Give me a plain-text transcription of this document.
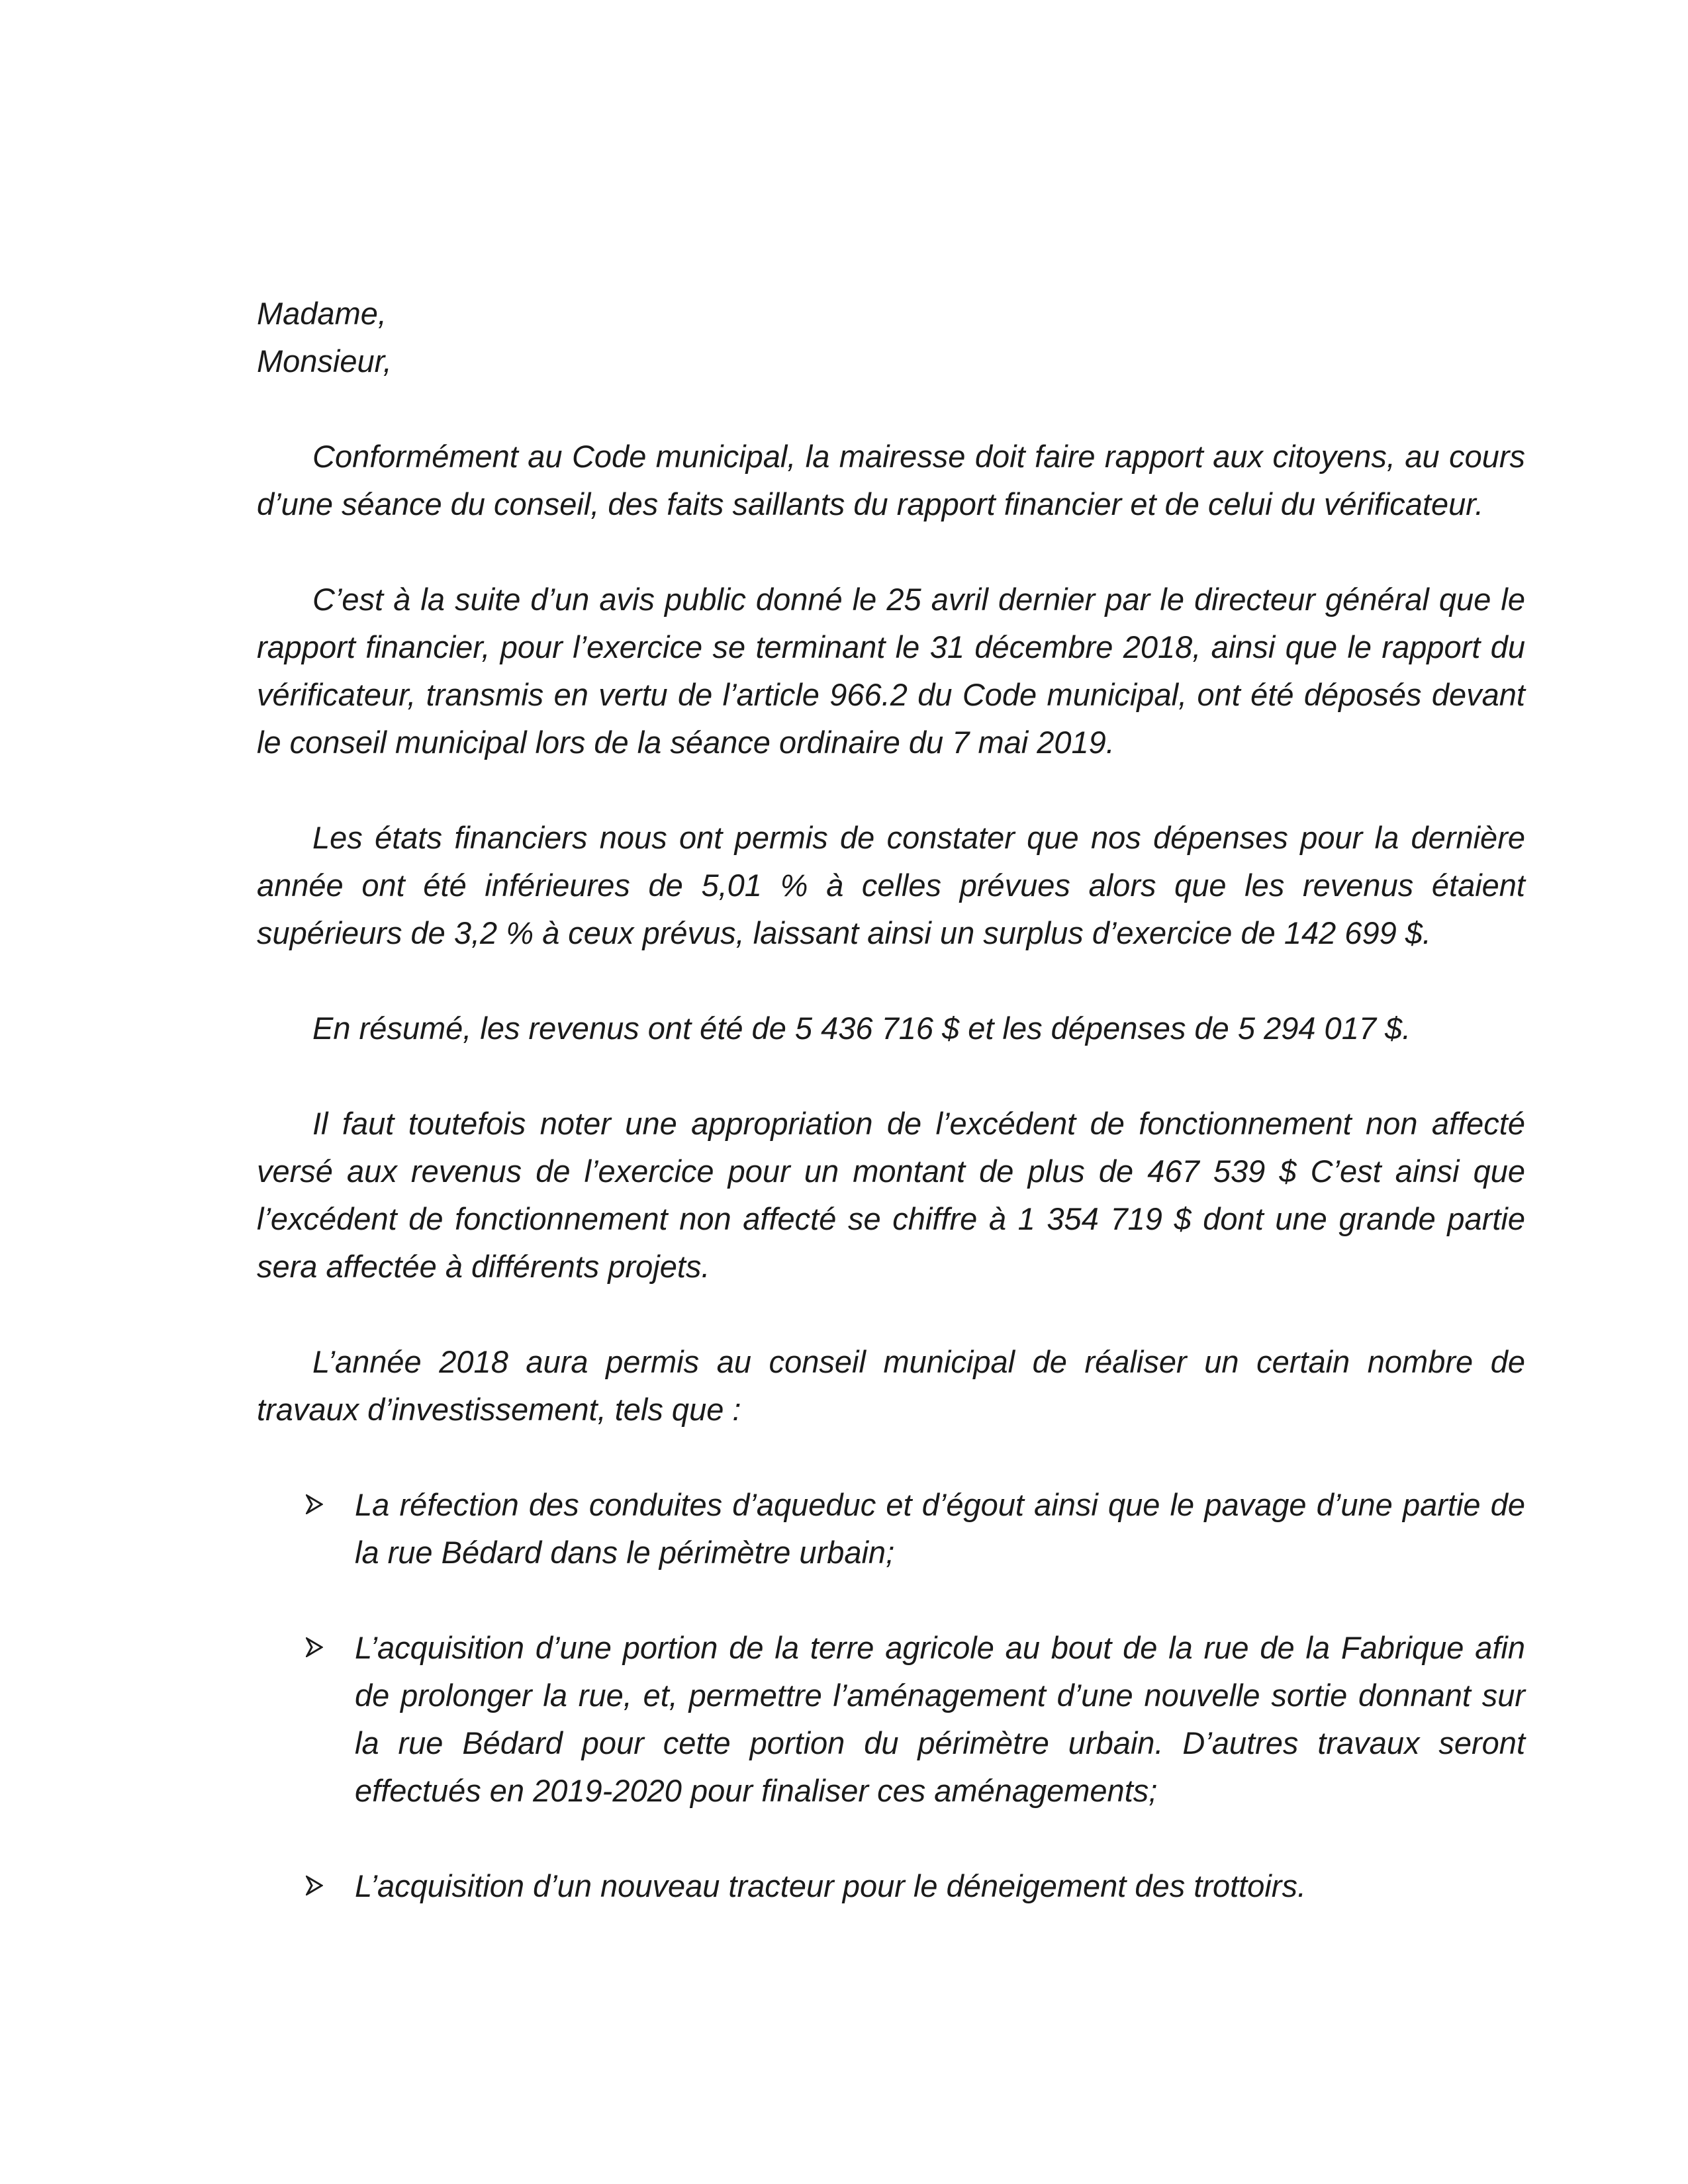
Madame,
Monsieur,

Conformément au Code municipal, la mairesse doit faire rapport aux citoyens, au cours d’une séance du conseil, des faits saillants du rapport financier et de celui du vérificateur.

C’est à la suite d’un avis public donné le 25 avril dernier par le directeur général que le rapport financier, pour l’exercice se terminant le 31 décembre 2018, ainsi que le rapport du vérificateur, transmis en vertu de l’article 966.2 du Code municipal, ont été déposés devant le conseil municipal lors de la séance ordinaire du 7 mai 2019.

Les états financiers nous ont permis de constater que nos dépenses pour la dernière année ont été inférieures de 5,01 % à celles prévues alors que les revenus étaient supérieurs de 3,2 % à ceux prévus, laissant ainsi un surplus d’exercice de 142 699 $.

En résumé, les revenus ont été de 5 436 716 $ et les dépenses de 5 294 017 $.

Il faut toutefois noter une appropriation de l’excédent de fonctionnement non affecté versé aux revenus de l’exercice pour un montant de plus de 467 539 $ C’est ainsi que l’excédent de fonctionnement non affecté se chiffre à 1 354 719 $ dont une grande partie sera affectée à différents projets.

L’année 2018 aura permis au conseil municipal de réaliser un certain nombre de travaux d’investissement, tels que :

La réfection des conduites d’aqueduc et d’égout ainsi que le pavage d’une partie de la rue Bédard dans le périmètre urbain;
L’acquisition d’une portion de la terre agricole au bout de la rue de la Fabrique afin de prolonger la rue, et, permettre l’aménagement d’une nouvelle sortie donnant sur la rue Bédard pour cette portion du périmètre urbain. D’autres travaux seront effectués en 2019-2020 pour finaliser ces aménagements;
L’acquisition d’un nouveau tracteur pour le déneigement des trottoirs.
